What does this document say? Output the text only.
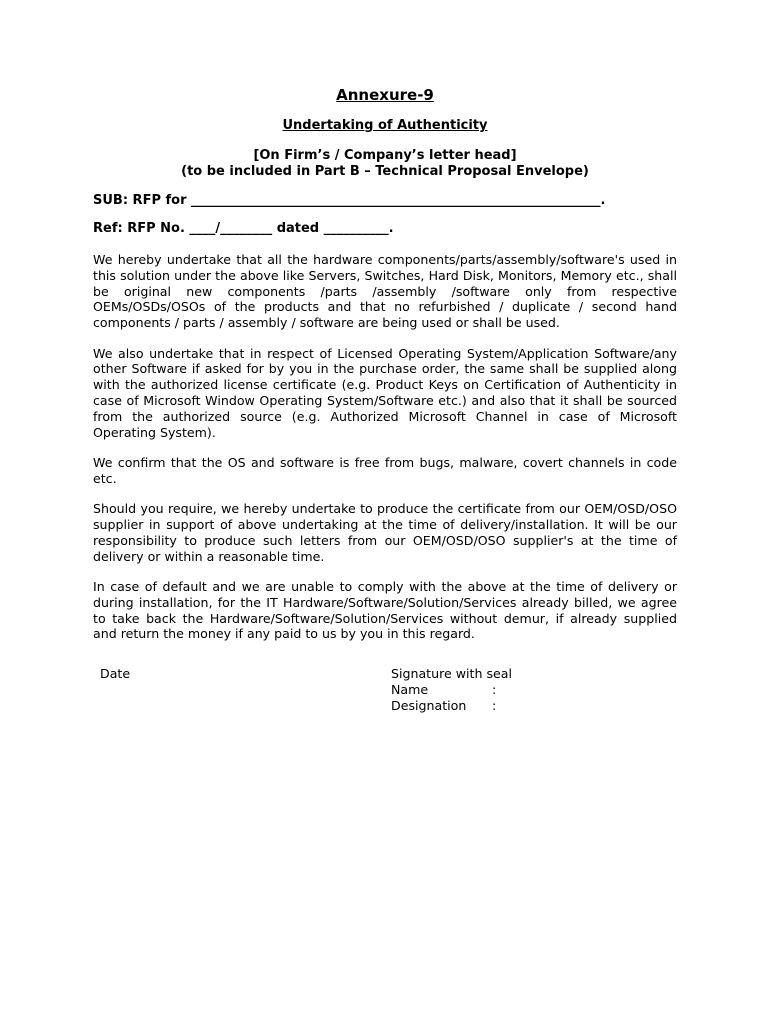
Annexure-9
Undertaking of Authenticity
[On Firm’s / Company’s letter head]
(to be included in Part B – Technical Proposal Envelope)
SUB: RFP for _______________________________________________________________.
Ref: RFP No. ____/________ dated __________.

We hereby undertake that all the hardware components/parts/assembly/software's used in this solution under the above like Servers, Switches, Hard Disk, Monitors, Memory etc., shall be original new components /parts /assembly /software only from respective OEMs/OSDs/OSOs of the products and that no refurbished / duplicate / second hand components / parts / assembly / software are being used or shall be used.

We also undertake that in respect of Licensed Operating System/Application Software/any other Software if asked for by you in the purchase order, the same shall be supplied along with the authorized license certificate (e.g. Product Keys on Certification of Authenticity in case of Microsoft Window Operating System/Software etc.) and also that it shall be sourced from the authorized source (e.g. Authorized Microsoft Channel in case of Microsoft Operating System).

We confirm that the OS and software is free from bugs, malware, covert channels in code etc.

Should you require, we hereby undertake to produce the certificate from our OEM/OSD/OSO supplier in support of above undertaking at the time of delivery/installation. It will be our responsibility to produce such letters from our OEM/OSD/OSO supplier's at the time of delivery or within a reasonable time.

In case of default and we are unable to comply with the above at the time of delivery or during installation, for the IT Hardware/Software/Solution/Services already billed, we agree to take back the Hardware/Software/Solution/Services without demur, if already supplied and return the money if any paid to us by you in this regard.

Date	Signature with seal
Name	:
Designation	:
